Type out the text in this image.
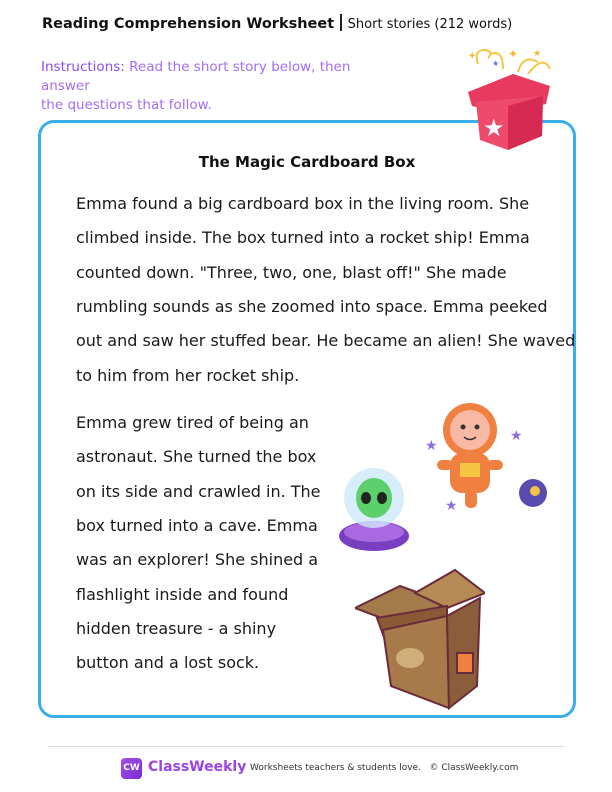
Reading Comprehension Worksheet Short stories (212 words)
Instructions: Read the short story below, then answer
the questions that follow.
The Magic Cardboard Box
Emma found a big cardboard box in the living room. She
climbed inside. The box turned into a rocket ship! Emma
counted down. "Three, two, one, blast off!" She made
rumbling sounds as she zoomed into space. Emma peeked
out and saw her stuffed bear. He became an alien! She waved
to him from her rocket ship.
Emma grew tired of being an
astronaut. She turned the box
on its side and crawled in. The
box turned into a cave. Emma
was an explorer! She shined a
flashlight inside and found
hidden treasure - a shiny
button and a lost sock.
✦
★
✦ ★
★
★
★
★
CW ClassWeekly Worksheets teachers & students love. © ClassWeekly.com
